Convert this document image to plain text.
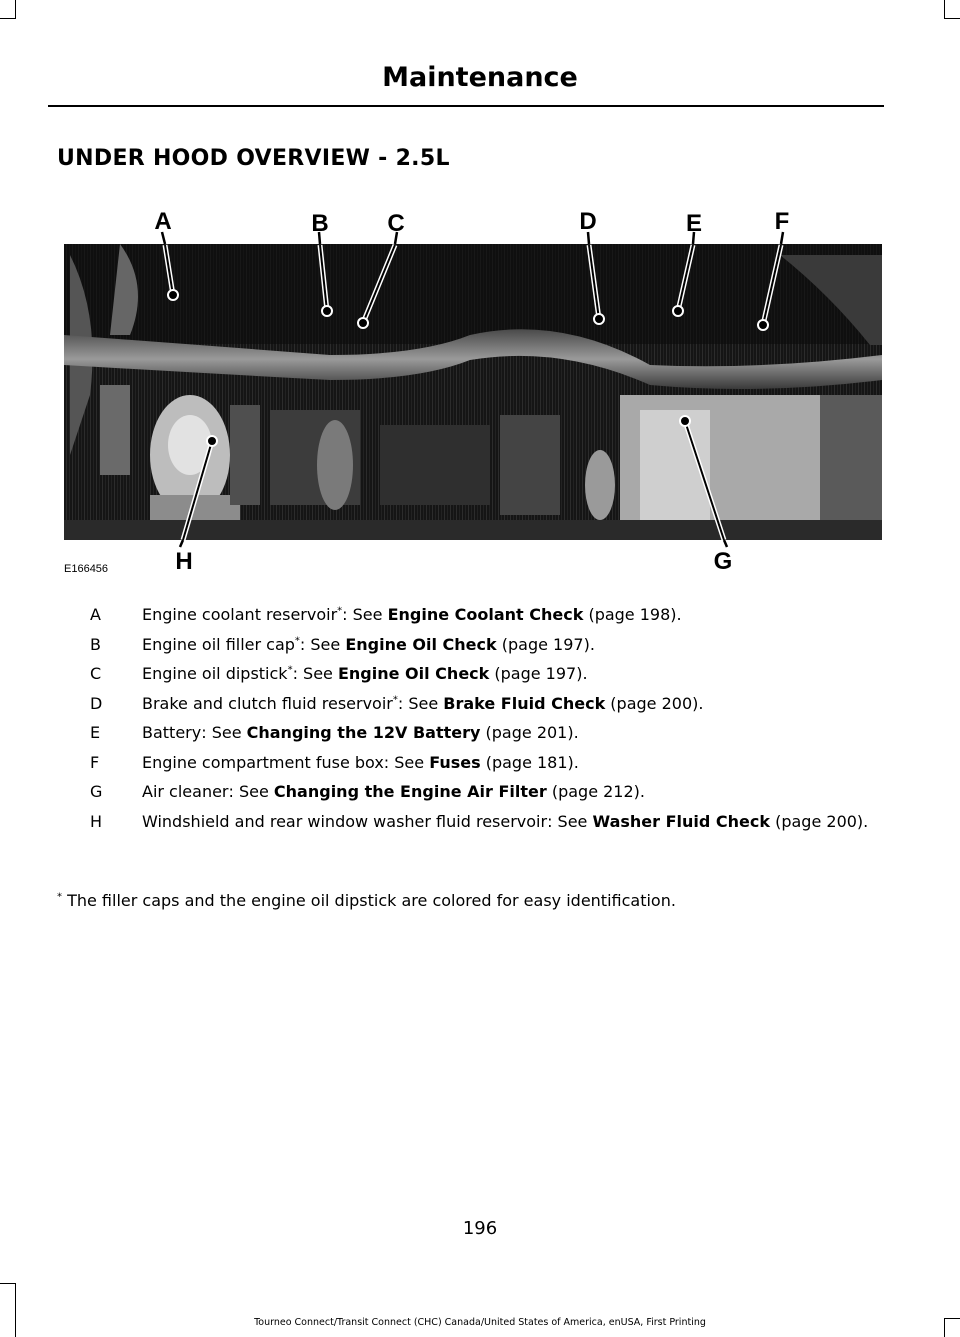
Maintenance
UNDER HOOD OVERVIEW - 2.5L
A	B C	D	E	F
H	G
E166456
A	Engine coolant reservoir*: See Engine Coolant Check (page 198).
B	Engine oil filler cap*: See Engine Oil Check (page 197).
C	Engine oil dipstick*: See Engine Oil Check (page 197).
D	Brake and clutch fluid reservoir*: See Brake Fluid Check (page 200).
E	Battery: See Changing the 12V Battery (page 201).
F	Engine compartment fuse box: See Fuses (page 181).
G	Air cleaner: See Changing the Engine Air Filter (page 212).
H	Windshield and rear window washer fluid reservoir: See Washer Fluid Check (page 200).
* The filler caps and the engine oil dipstick are colored for easy identification.
196
Tourneo Connect/Transit Connect (CHC) Canada/United States of America, enUSA, First Printing
